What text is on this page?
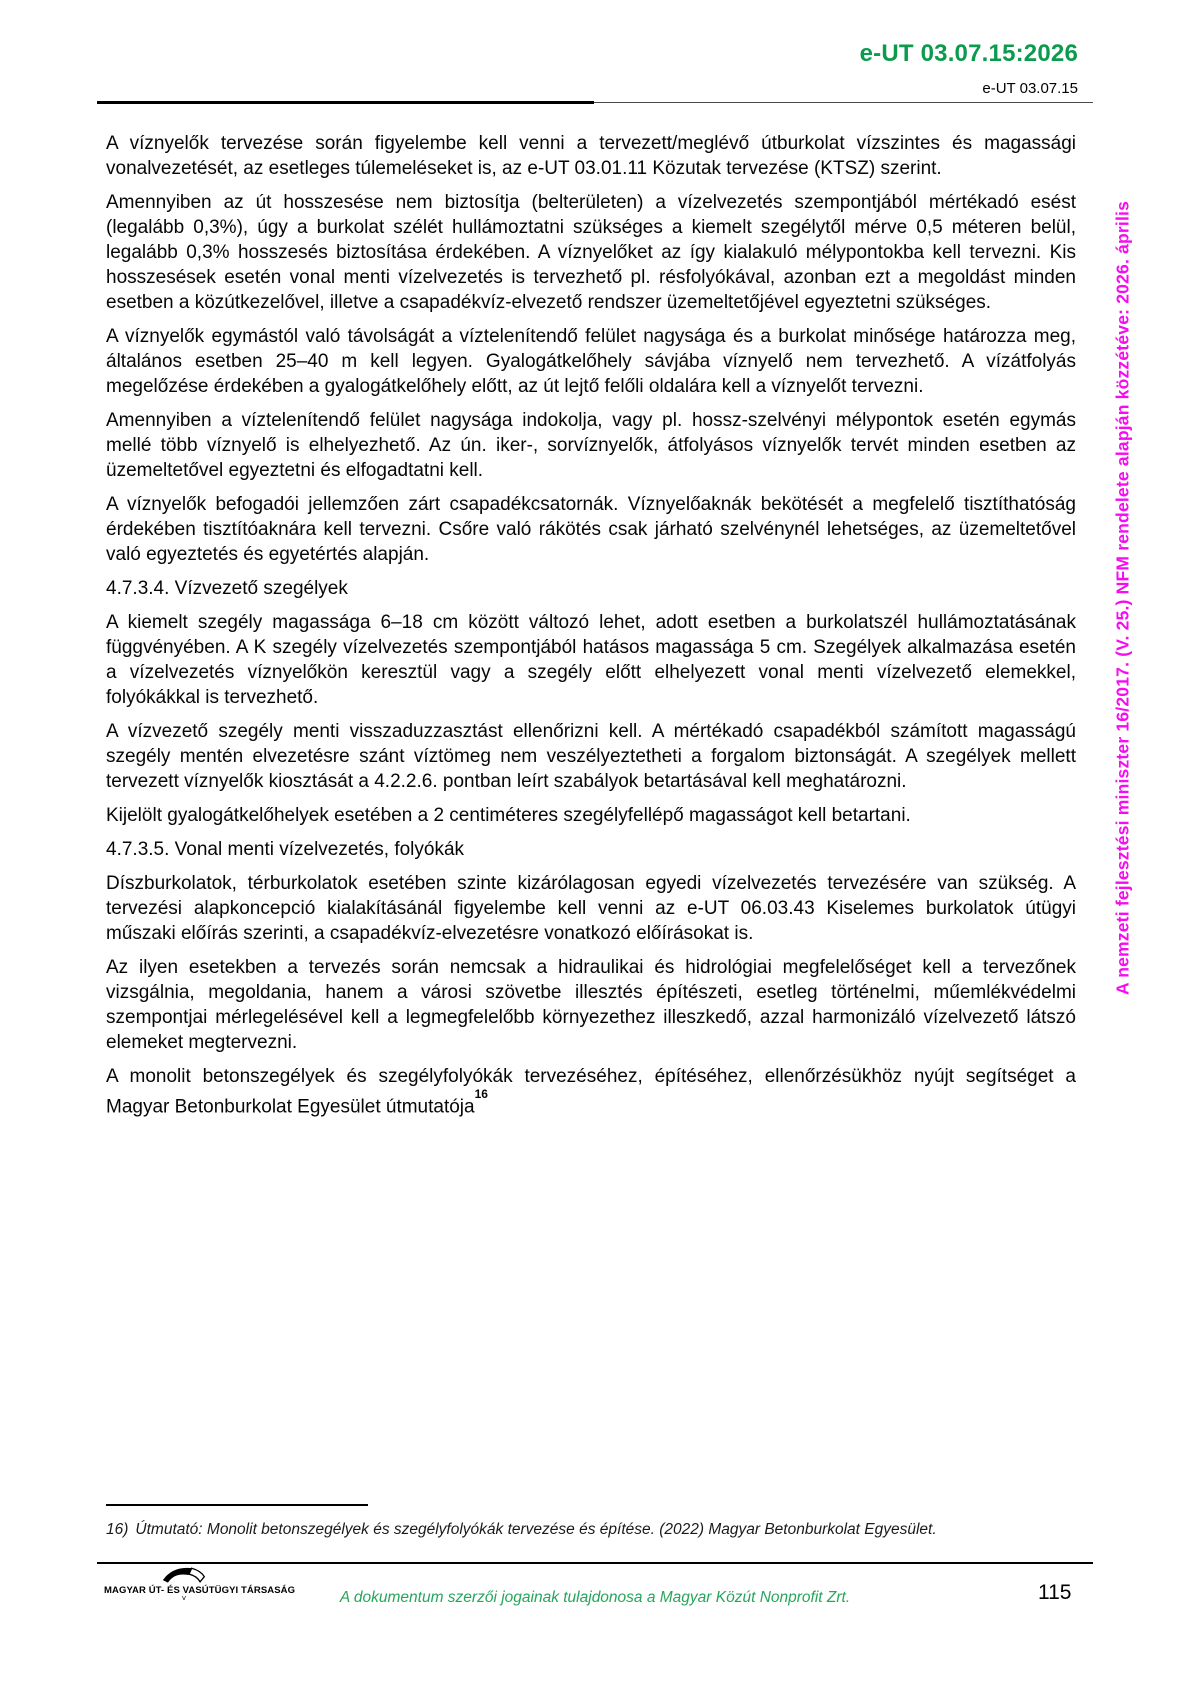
e-UT 03.07.15:2026
e-UT 03.07.15

A víznyelők tervezése során figyelembe kell venni a tervezett/meglévő útburkolat vízszintes és magassági vonalvezetését, az esetleges túlemeléseket is, az e-UT 03.01.11 Közutak tervezése (KTSZ) szerint.

Amennyiben az út hosszesése nem biztosítja (belterületen) a vízelvezetés szempontjából mértékadó esést (legalább 0,3%), úgy a burkolat szélét hullámoztatni szükséges a kiemelt szegélytől mérve 0,5 méteren belül, legalább 0,3% hosszesés biztosítása érdekében. A víznyelőket az így kialakuló mélypontokba kell tervezni. Kis hosszesések esetén vonal menti vízelvezetés is tervezhető pl. résfolyókával, azonban ezt a megoldást minden esetben a közútkezelővel, illetve a csapadékvíz-elvezető rendszer üzemeltetőjével egyeztetni szükséges.

A víznyelők egymástól való távolságát a víztelenítendő felület nagysága és a burkolat minősége határozza meg, általános esetben 25–40 m kell legyen. Gyalogátkelőhely sávjába víznyelő nem tervezhető. A vízátfolyás megelőzése érdekében a gyalogátkelőhely előtt, az út lejtő felőli oldalára kell a víznyelőt tervezni.

Amennyiben a víztelenítendő felület nagysága indokolja, vagy pl. hossz-szelvényi mélypontok esetén egymás mellé több víznyelő is elhelyezhető. Az ún. iker-, sorvíznyelők, átfolyásos víznyelők tervét minden esetben az üzemeltetővel egyeztetni és elfogadtatni kell.

A víznyelők befogadói jellemzően zárt csapadékcsatornák. Víznyelőaknák bekötését a megfelelő tisztíthatóság érdekében tisztítóaknára kell tervezni. Csőre való rákötés csak járható szelvénynél lehetséges, az üzemeltetővel való egyeztetés és egyetértés alapján.

4.7.3.4. Vízvezető szegélyek

A kiemelt szegély magassága 6–18 cm között változó lehet, adott esetben a burkolatszél hullámoztatásának függvényében. A K szegély vízelvezetés szempontjából hatásos magassága 5 cm. Szegélyek alkalmazása esetén a vízelvezetés víznyelőkön keresztül vagy a szegély előtt elhelyezett vonal menti vízelvezető elemekkel, folyókákkal is tervezhető.

A vízvezető szegély menti visszaduzzasztást ellenőrizni kell. A mértékadó csapadékból számított magasságú szegély mentén elvezetésre szánt víztömeg nem veszélyeztetheti a forgalom biztonságát. A szegélyek mellett tervezett víznyelők kiosztását a 4.2.2.6. pontban leírt szabályok betartásával kell meghatározni.

Kijelölt gyalogátkelőhelyek esetében a 2 centiméteres szegélyfellépő magasságot kell betartani.

4.7.3.5. Vonal menti vízelvezetés, folyókák

Díszburkolatok, térburkolatok esetében szinte kizárólagosan egyedi vízelvezetés tervezésére van szükség. A tervezési alapkoncepció kialakításánál figyelembe kell venni az e-UT 06.03.43 Kiselemes burkolatok útügyi műszaki előírás szerinti, a csapadékvíz-elvezetésre vonatkozó előírásokat is.

Az ilyen esetekben a tervezés során nemcsak a hidraulikai és hidrológiai megfelelőséget kell a tervezőnek vizsgálnia, megoldania, hanem a városi szövetbe illesztés építészeti, esetleg történelmi, műemlékvédelmi szempontjai mérlegelésével kell a legmegfelelőbb környezethez illeszkedő, azzal harmonizáló vízelvezető látszó elemeket megtervezni.

A monolit betonszegélyek és szegélyfolyókák tervezéséhez, építéséhez, ellenőrzésükhöz nyújt segítséget a Magyar Betonburkolat Egyesület útmutatója$^{16}$

A nemzeti fejlesztési miniszter 16/2017. (V. 25.) NFM rendelete alapján közzétéve: 2026. április
16) Útmutató: Monolit betonszegélyek és szegélyfolyókák tervezése és építése. (2022) Magyar Betonburkolat Egyesület.
MAGYAR ÚT- ÉS VASÚTÜGYI TÁRSASÁG
˅	A dokumentum szerzői jogainak tulajdonosa a Magyar Közút Nonprofit Zrt.	115
